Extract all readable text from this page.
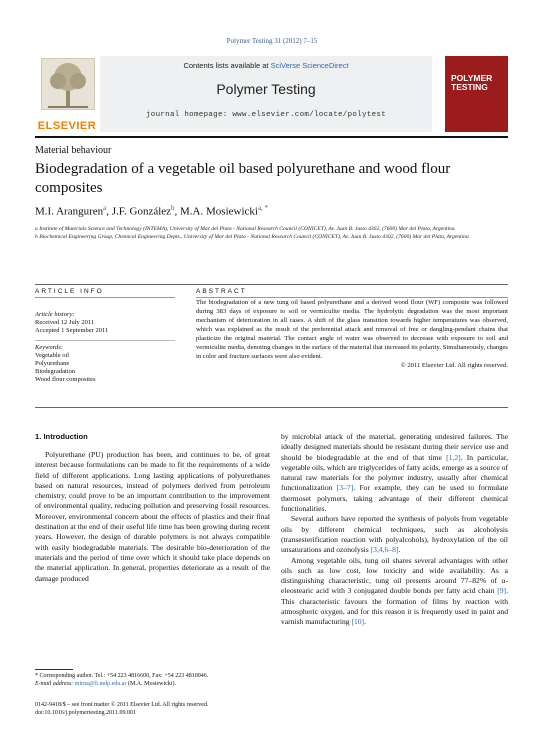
Polymer Testing 31 (2012) 7–15
ELSEVIER
Contents lists available at SciVerse ScienceDirect
Polymer Testing
journal homepage: www.elsevier.com/locate/polytest
POLYMER
TESTING
Material behaviour
Biodegradation of a vegetable oil based polyurethane and wood flour composites
M.I. Aranguren$^a$, J.F. González$^b$, M.A. Mosiewicki$^{a, *}$
a Institute of Materials Science and Technology (INTEMA), University of Mar del Plata - National Research Council (CONICET), Av. Juan B. Justo 4302, (7600) Mar del Plata, Argentina
b Biochemical Engineering Group, Chemical Engineering Depts., University of Mar del Plata - National Research Council (CONICET), Av. Juan B. Justo 4302, (7600) Mar del Plata, Argentina
ARTICLE INFO	ABSTRACT
Article history:
Received 12 July 2011
Accepted 1 September 2011
Keywords:
Vegetable oil
Polyurethane
Biodegradation
Wood flour composites
The biodegradation of a new tung oil based polyurethane and a derived wood flour (WF) composite was followed during 383 days of exposure to soil or vermiculite media. The hydrolytic degradation was the most important mechanism of deterioration in all cases. A shift of the glass transition towards higher temperatures was observed, which was explained as the result of the preferential attack and removal of free or dangling-pendant chains that plasticize the original material. The contact angle of water was observed to decrease with exposure to soil and vermiculite media, denoting changes in the surface of the material that increased its polarity. Simultaneously, changes in color and fracture surfaces were also evident.
© 2011 Elsevier Ltd. All rights reserved.
1. Introduction

Polyurethane (PU) production has been, and continues to be, of great interest because formulations can be made to fit the requirements of a wide field of different applications. Long lasting applications of polyurethanes based on natural resources, instead of polymers derived from petroleum chemistry, could prove to be an important contribution to the improvement of environmental quality, reducing pollution and preserving fossil resources. Moreover, environmental concern about the effects of plastics and their final destination at the end of their useful life time has been growing during recent years. However, the design of durable polymers is not always compatible with easily biodegradable materials. The desirable bio-deterioration of the materials and the period of time over which it should take place depends on the material application. In general, properties deteriorate as a result of the damage produced

by microbial attack of the material, generating undesired failures. The ideally designed materials should be resistant during their service use and should be biodegradable at the end of that time [1,2]. In particular, vegetable oils, which are triglycerides of fatty acids, emerge as a source of natural raw materials for the polymer industry, usually after chemical functionalization [3–7]. For example, they can be used to formulate thermoset polymers, taking advantage of their different chemical functionalities.

Several authors have reported the synthesis of polyols from vegetable oils by different chemical techniques, such as alcoholysis (transesterification reaction with polyalcohols), hydroxylation of the oil unsaturations and ozonolysis [3,4,6–8].

Among vegetable oils, tung oil shares several advantages with other oils such as low cost, low toxicity and wide availability. As a distinguishing characteristic, tung oil presents around 77–82% of α-eleostearic acid with 3 conjugated double bonds per fatty acid chain [9]. This characteristic favours the formation of films by reaction with atmospheric oxygen, and for this reason it is frequently used in paint and varnish manufacturing [10].

* Corresponding author. Tel.: +54 223 4816600, Fax: +54 223 4810046.
E-mail address: mirna@fi.mdp.edu.ar (M.A. Mosiewicki).
0142-9418/$ – see front matter © 2011 Elsevier Ltd. All rights reserved.
doi:10.1016/j.polymertesting.2011.09.001
